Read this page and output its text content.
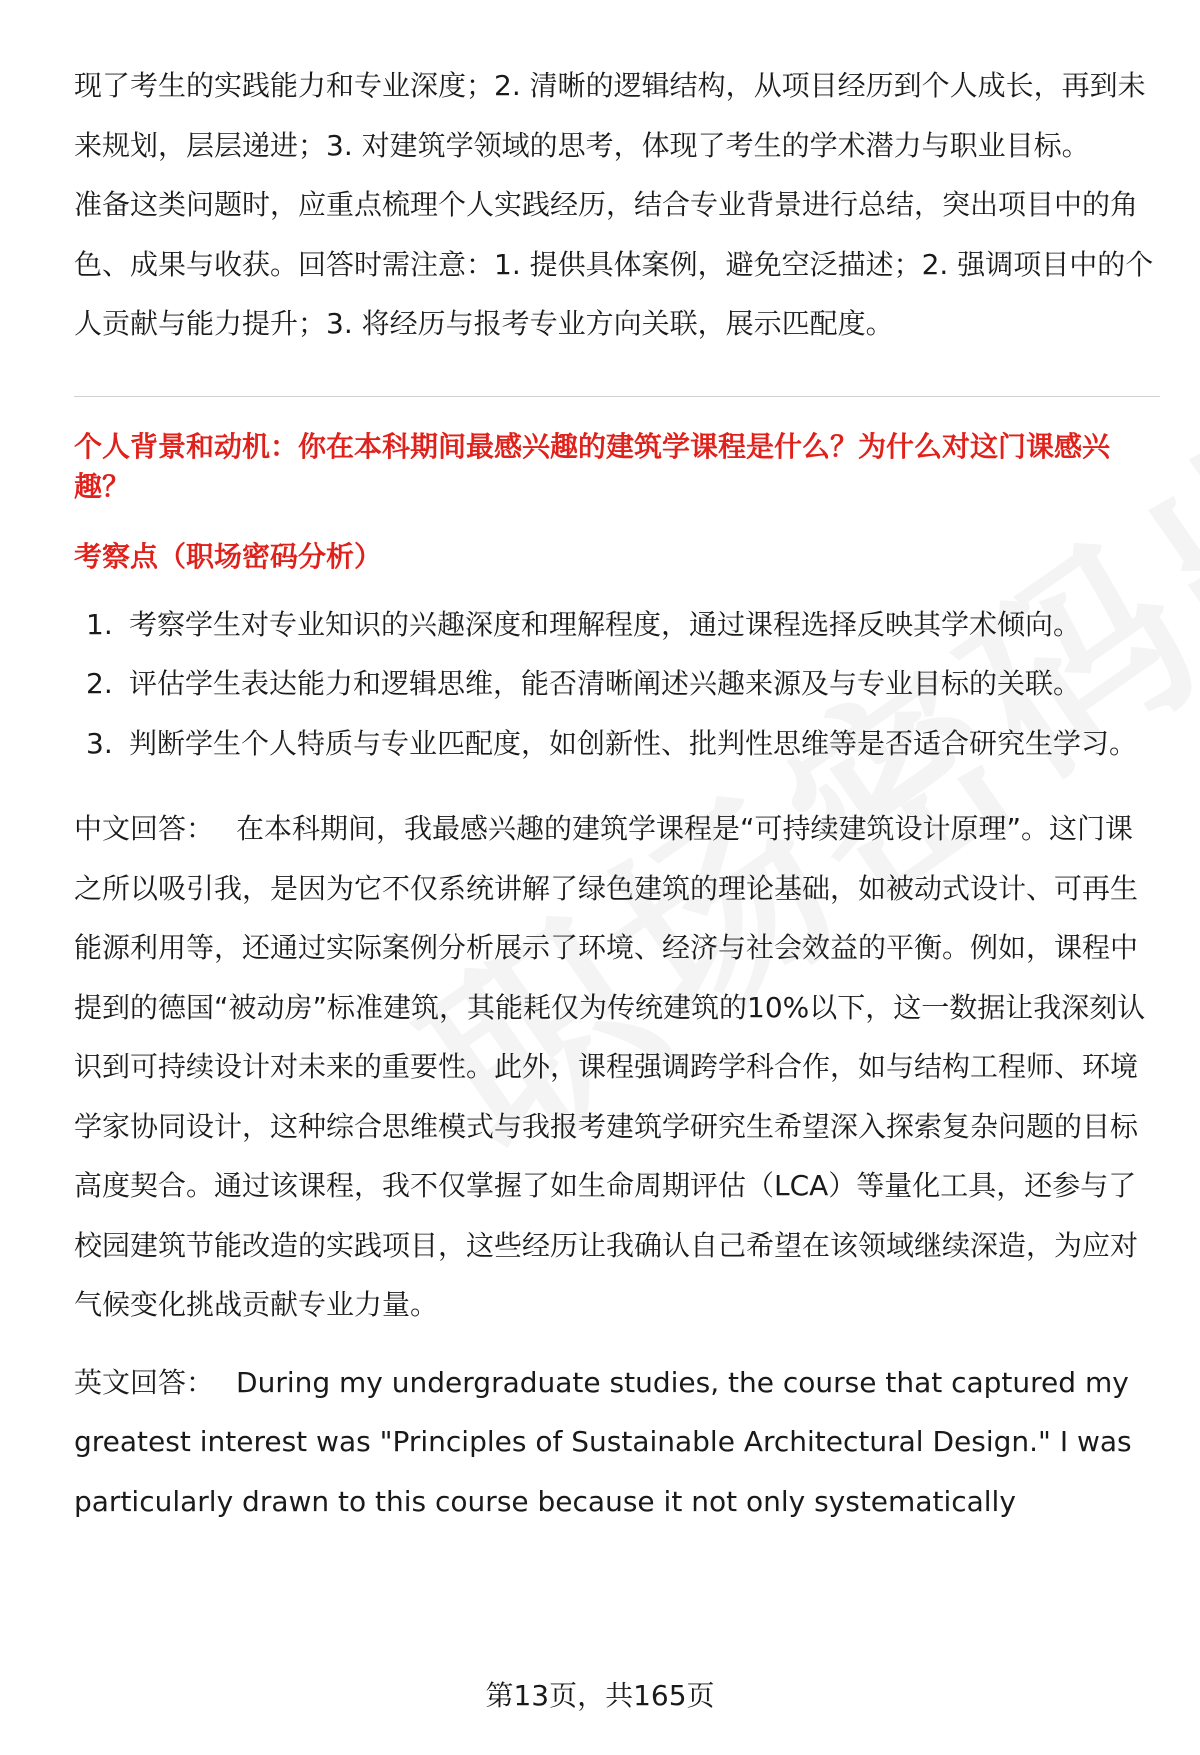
现了考生的实践能力和专业深度；2. 清晰的逻辑结构，从项目经历到个人成长，再到未来规划，层层递进；3. 对建筑学领域的思考，体现了考生的学术潜力与职业目标。

准备这类问题时，应重点梳理个人实践经历，结合专业背景进行总结，突出项目中的角色、成果与收获。回答时需注意：1. 提供具体案例，避免空泛描述；2. 强调项目中的个人贡献与能力提升；3. 将经历与报考专业方向关联，展示匹配度。

个人背景和动机：你在本科期间最感兴趣的建筑学课程是什么？为什么对这门课感兴趣？
考察点（职场密码分析）
1. 考察学生对专业知识的兴趣深度和理解程度，通过课程选择反映其学术倾向。
2. 评估学生表达能力和逻辑思维，能否清晰阐述兴趣来源及与专业目标的关联。
3. 判断学生个人特质与专业匹配度，如创新性、批判性思维等是否适合研究生学习。

中文回答： 在本科期间，我最感兴趣的建筑学课程是“可持续建筑设计原理”。这门课之所以吸引我，是因为它不仅系统讲解了绿色建筑的理论基础，如被动式设计、可再生能源利用等，还通过实际案例分析展示了环境、经济与社会效益的平衡。例如，课程中提到的德国“被动房”标准建筑，其能耗仅为传统建筑的10%以下，这一数据让我深刻认识到可持续设计对未来的重要性。此外，课程强调跨学科合作，如与结构工程师、环境学家协同设计，这种综合思维模式与我报考建筑学研究生希望深入探索复杂问题的目标高度契合。通过该课程，我不仅掌握了如生命周期评估（LCA）等量化工具，还参与了校园建筑节能改造的实践项目，这些经历让我确认自己希望在该领域继续深造，为应对气候变化挑战贡献专业力量。

英文回答： During my undergraduate studies, the course that captured my greatest interest was "Principles of Sustainable Architectural Design." I was particularly drawn to this course because it not only systematically

第13页，共165页
